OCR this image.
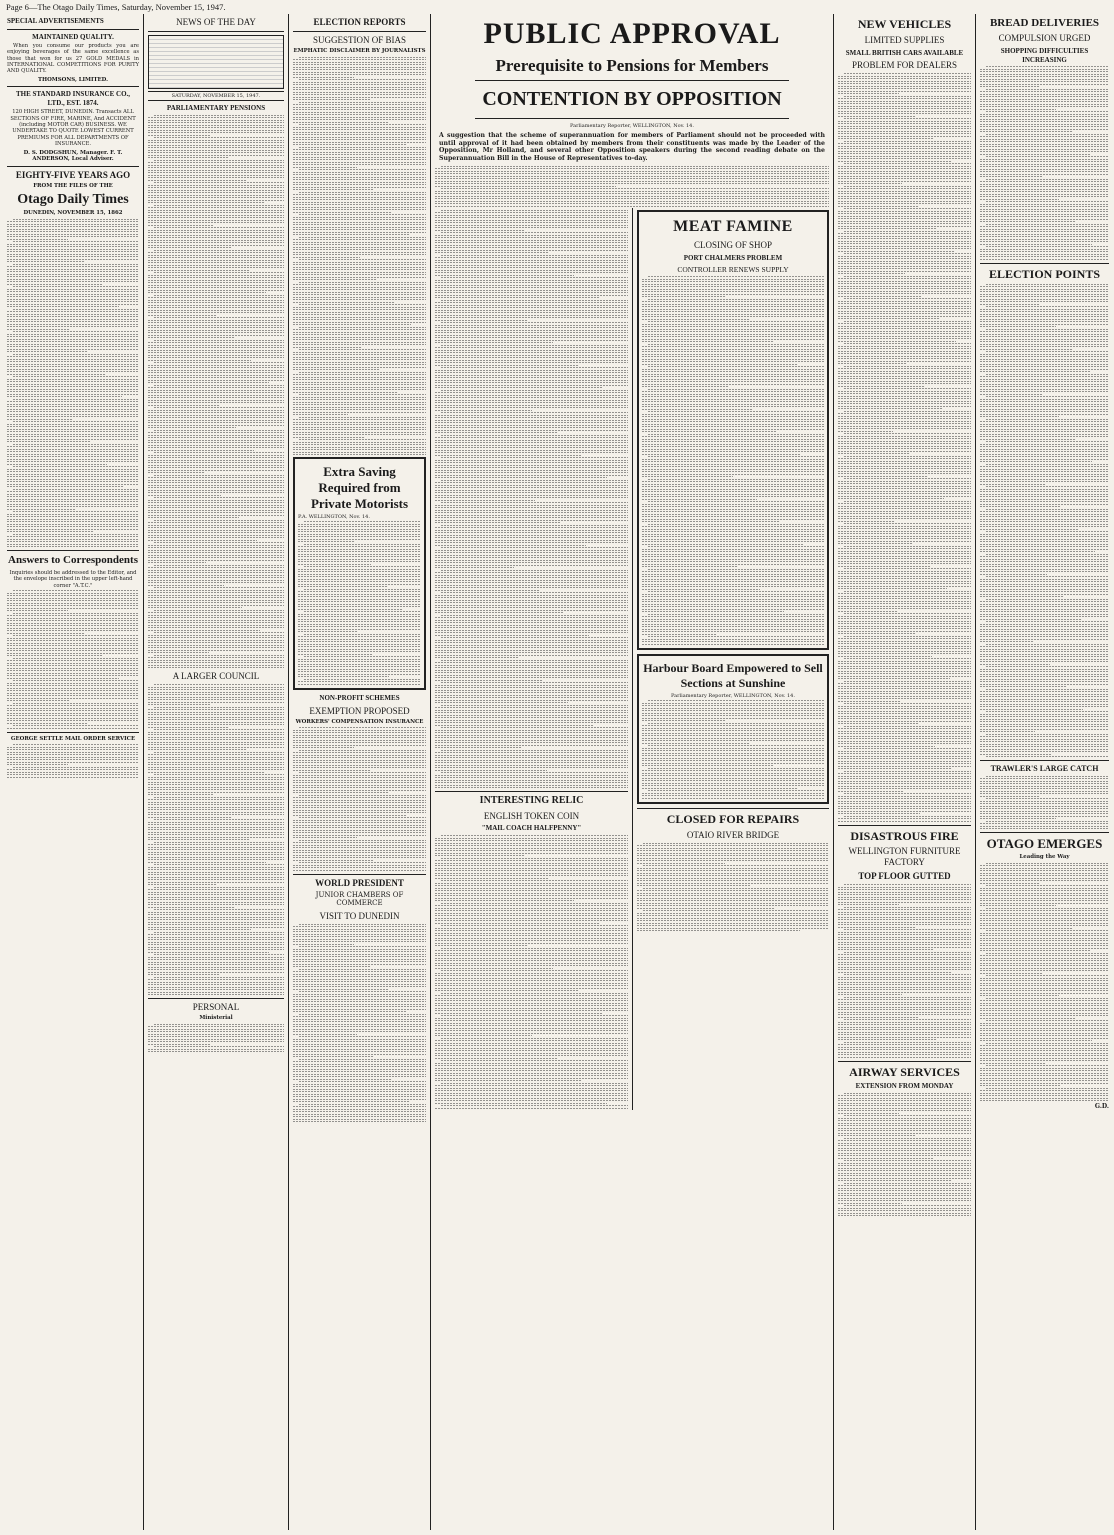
Page 6—The Otago Daily Times, Saturday, November 15, 1947.
SPECIAL ADVERTISEMENTS
MAINTAINED QUALITY.

When you consume our products you are enjoying beverages of the same excellence as those that won for us 27 GOLD MEDALS in INTERNATIONAL COMPETITIONS FOR PURITY AND QUALITY.

THOMSONS, LIMITED.
THE STANDARD INSURANCE CO., LTD., EST. 1874.

120 HIGH STREET, DUNEDIN. Transacts ALL SECTIONS OF FIRE, MARINE, And ACCIDENT (including MOTOR CAR) BUSINESS. WE UNDERTAKE TO QUOTE LOWEST CURRENT PREMIUMS FOR ALL DEPARTMENTS OF INSURANCE.

D. S. DODGSHUN, Manager. F. T. ANDERSON, Local Adviser.
EIGHTY-FIVE YEARS AGO
FROM THE FILES OF THE
Otago Daily Times
DUNEDIN, NOVEMBER 15, 1862
Answers to Correspondents

Inquiries should be addressed to the Editor, and the envelope inscribed in the upper left-hand corner "A.T.C."

GEORGE SETTLE MAIL ORDER SERVICE
NEWS OF THE DAY
SATURDAY, NOVEMBER 15, 1947.
PARLIAMENTARY PENSIONS
A LARGER COUNCIL
PERSONAL
Ministerial
ELECTION REPORTS
SUGGESTION OF BIAS
EMPHATIC DISCLAIMER BY JOURNALISTS
Extra Saving Required from Private Motorists
P.A. WELLINGTON, Nov. 14.
NON-PROFIT SCHEMES
EXEMPTION PROPOSED
WORKERS' COMPENSATION INSURANCE
WORLD PRESIDENT
JUNIOR CHAMBERS OF COMMERCE
VISIT TO DUNEDIN
PUBLIC APPROVAL
Prerequisite to Pensions for Members
CONTENTION BY OPPOSITION
Parliamentary Reporter, WELLINGTON, Nov. 14.
A suggestion that the scheme of superannuation for members of Parliament should not be proceeded with until approval of it had been obtained by members from their constituents was made by the Leader of the Opposition, Mr Holland, and several other Opposition speakers during the second reading debate on the Superannuation Bill in the House of Representatives to-day.
INTERESTING RELIC
ENGLISH TOKEN COIN
"MAIL COACH HALFPENNY"
MEAT FAMINE
CLOSING OF SHOP
PORT CHALMERS PROBLEM
CONTROLLER RENEWS SUPPLY
Harbour Board Empowered to Sell Sections at Sunshine
Parliamentary Reporter, WELLINGTON, Nov. 14.
CLOSED FOR REPAIRS
OTAIO RIVER BRIDGE
NEW VEHICLES
LIMITED SUPPLIES
SMALL BRITISH CARS AVAILABLE
PROBLEM FOR DEALERS
DISASTROUS FIRE
WELLINGTON FURNITURE FACTORY
TOP FLOOR GUTTED
AIRWAY SERVICES
EXTENSION FROM MONDAY
BREAD DELIVERIES
COMPULSION URGED
SHOPPING DIFFICULTIES INCREASING
ELECTION POINTS
TRAWLER'S LARGE CATCH
OTAGO EMERGES
Leading the Way
G.D.
